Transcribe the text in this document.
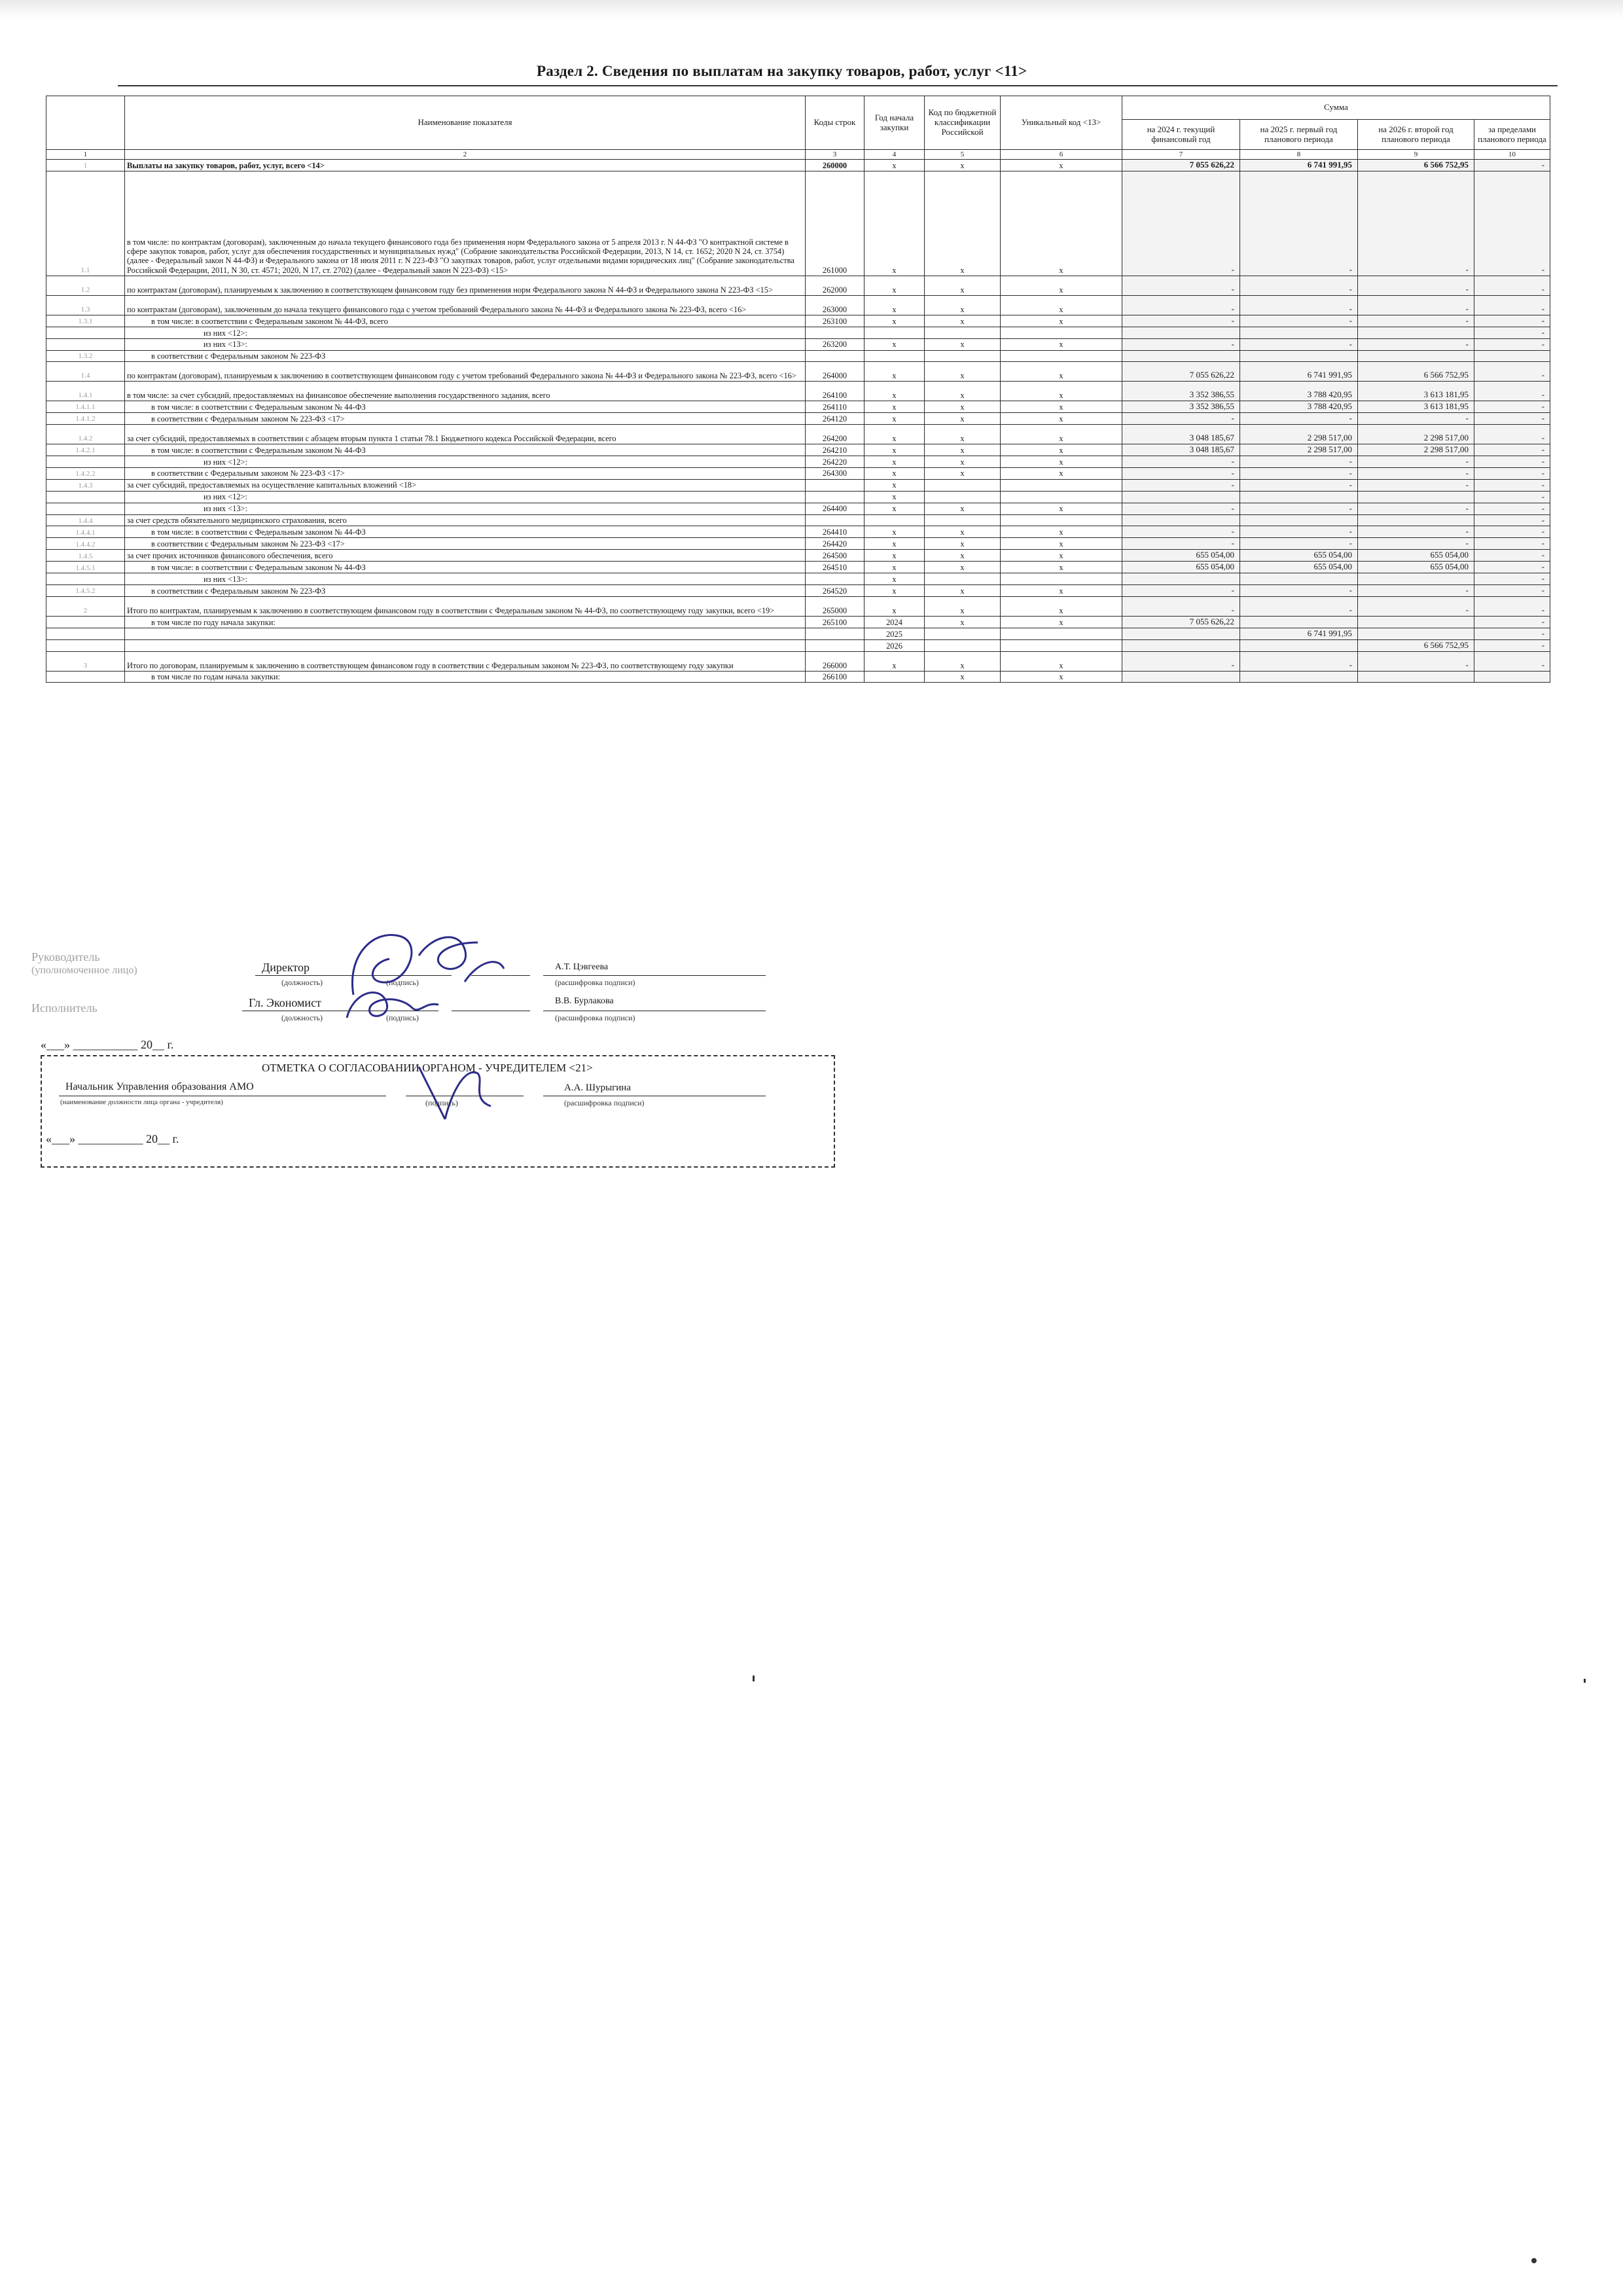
Раздел 2. Сведения по выплатам на закупку товаров, работ, услуг <11>
	Наименование показателя	Коды строк	Год начала закупки	Код по бюджетной классификации Российской	Уникальный код <13>	Сумма			
						на 2024 г. текущий финансовый год	на 2025 г. первый год планового периода	на 2026 г. второй год планового периода	за пределами планового периода
1	2	3	4	5	6	7	8	9	10
1	Выплаты на закупку товаров, работ, услуг, всего <14>	260000	x	x	x	7 055 626,22	6 741 991,95	6 566 752,95	-
1.1	в том числе: по контрактам (договорам), заключенным до начала текущего финансового года без применения норм Федерального закона от 5 апреля 2013 г. N 44-ФЗ "О контрактной системе в сфере закупок товаров, работ, услуг для обеспечения государственных и муниципальных нужд" (Собрание законодательства Российской Федерации, 2013, N 14, ст. 1652; 2020 N 24, ст. 3754) (далее - Федеральный закон N 44-ФЗ) и Федерального закона от 18 июля 2011 г. N 223-ФЗ "О закупках товаров, работ, услуг отдельными видами юридических лиц" (Собрание законодательства Российской Федерации, 2011, N 30, ст. 4571; 2020, N 17, ст. 2702) (далее - Федеральный закон N 223-ФЗ) <15>	261000	x	x	x	-	-	-	-
1.2	по контрактам (договорам), планируемым к заключению в соответствующем финансовом году без применения норм Федерального закона N 44-ФЗ и Федерального закона N 223-ФЗ <15>	262000	x	x	x	-	-	-	-
1.3	по контрактам (договорам), заключенным до начала текущего финансового года с учетом требований Федерального закона № 44-ФЗ и Федерального закона № 223-ФЗ, всего <16>	263000	x	x	x	-	-	-	-
1.3.1	в том числе: в соответствии с Федеральным законом № 44-ФЗ, всего	263100	x	x	x	-	-	-	-
	из них <12>:								-
	из них <13>:	263200	x	x	x	-	-	-	-
1.3.2	в соответствии с Федеральным законом № 223-ФЗ								
1.4	по контрактам (договорам), планируемым к заключению в соответствующем финансовом году с учетом требований Федерального закона № 44-ФЗ и Федерального закона № 223-ФЗ, всего <16>	264000	x	x	x	7 055 626,22	6 741 991,95	6 566 752,95	-
1.4.1	в том числе: за счет субсидий, предоставляемых на финансовое обеспечение выполнения государственного задания, всего	264100	x	x	x	3 352 386,55	3 788 420,95	3 613 181,95	-
1.4.1.1	в том числе: в соответствии с Федеральным законом № 44-ФЗ	264110	x	x	x	3 352 386,55	3 788 420,95	3 613 181,95	-
1.4.1.2	в соответствии с Федеральным законом № 223-ФЗ <17>	264120	x	x	x	-	-	-	-
1.4.2	за счет субсидий, предоставляемых в соответствии с абзацем вторым пункта 1 статьи 78.1 Бюджетного кодекса Российской Федерации, всего	264200	x	x	x	3 048 185,67	2 298 517,00	2 298 517,00	-
1.4.2.1	в том числе: в соответствии с Федеральным законом № 44-ФЗ	264210	x	x	x	3 048 185,67	2 298 517,00	2 298 517,00	-
	из них <12>:	264220	x	x	x	-	-	-	-
1.4.2.2	в соответствии с Федеральным законом № 223-ФЗ <17>	264300	x	x	x	-	-	-	-
1.4.3	за счет субсидий, предоставляемых на осуществление капитальных вложений <18>		x			-	-	-	-
	из них <12>:		x						-
	из них <13>:	264400	x	x	x	-	-	-	-
1.4.4	за счет средств обязательного медицинского страхования, всего								-
1.4.4.1	в том числе: в соответствии с Федеральным законом № 44-ФЗ	264410	x	x	x	-	-	-	-
1.4.4.2	в соответствии с Федеральным законом № 223-ФЗ <17>	264420	x	x	x	-	-	-	-
1.4.5	за счет прочих источников финансового обеспечения, всего	264500	x	x	x	655 054,00	655 054,00	655 054,00	-
1.4.5.1	в том числе: в соответствии с Федеральным законом № 44-ФЗ	264510	x	x	x	655 054,00	655 054,00	655 054,00	-
	из них <13>:		x						-
1.4.5.2	в соответствии с Федеральным законом № 223-ФЗ	264520	x	x	x	-	-	-	-
2	Итого по контрактам, планируемым к заключению в соответствующем финансовом году в соответствии с Федеральным законом № 44-ФЗ, по соответствующему году закупки, всего <19>	265000	x	x	x	-	-	-	-
	в том числе по году начала закупки:	265100	2024	x	x	7 055 626,22			-
			2025				6 741 991,95		-
			2026					6 566 752,95	-
3	Итого по договорам, планируемым к заключению в соответствующем финансовом году в соответствии с Федеральным законом № 223-ФЗ, по соответствующему году закупки	266000	x	x	x	-	-	-	-
	в том числе по годам начала закупки:	266100		x	x				
Руководитель
(уполномоченное лицо)	Директор	А.Т. Цэвгеева
(должность)	(подпись)	(расшифровка подписи)
Исполнитель	Гл. Экономист	В.В. Бурлакова
(должность)	(подпись)	(расшифровка подписи)
«___» ___________ 20__ г.
ОТМЕТКА О СОГЛАСОВАНИИ ОРГАНОМ - УЧРЕДИТЕЛЕМ <21>
Начальник Управления образования АМО	А.А. Шурыгина
(наименование должности лица органа - учредителя)	(подпись)	(расшифровка подписи)
«___» ___________ 20__ г.
